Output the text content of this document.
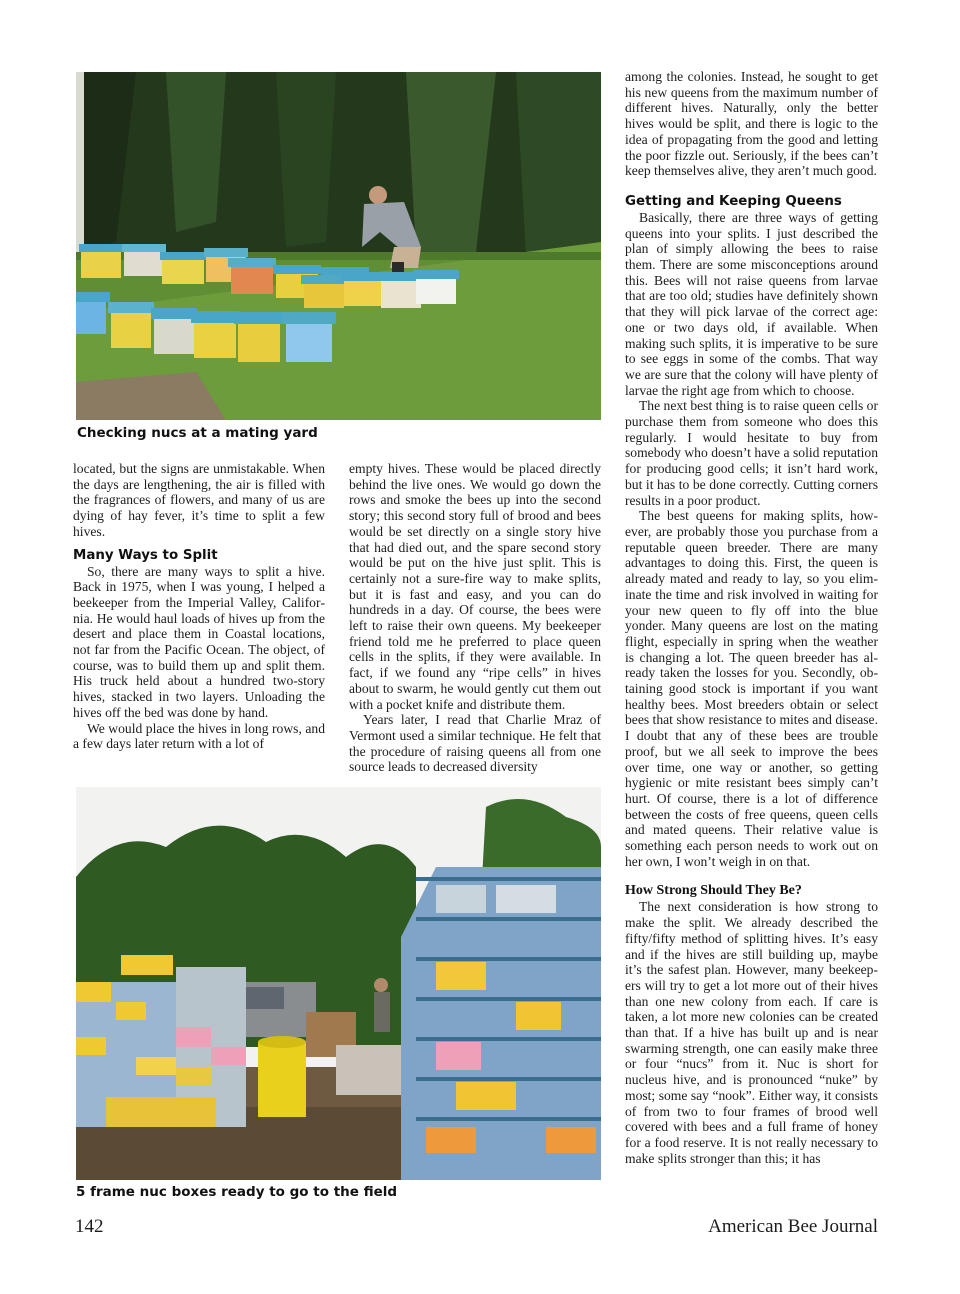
Checking nucs at a mating yard

located, but the signs are unmistakable. When the days are lengthening, the air is filled with the fragrances of flowers, and many of us are dying of hay fever, it’s time to split a few hives.

Many Ways to Split

So, there are many ways to split a hive. Back in 1975, when I was young, I helped a beekeeper from the Imperial Valley, California. He would haul loads of hives up from the desert and place them in Coastal locations, not far from the Pacific Ocean. The object, of course, was to build them up and split them. His truck held about a hundred two-story hives, stacked in two layers. Unloading the hives off the bed was done by hand.

We would place the hives in long rows, and a few days later return with a lot of

empty hives. These would be placed directly behind the live ones. We would go down the rows and smoke the bees up into the second story; this second story full of brood and bees would be set directly on a single story hive that had died out, and the spare second story would be put on the hive just split. This is certainly not a sure-fire way to make splits, but it is fast and easy, and you can do hundreds in a day. Of course, the bees were left to raise their own queens. My beekeeper friend told me he preferred to place queen cells in the splits, if they were available. In fact, if we found any “ripe cells” in hives about to swarm, he would gently cut them out with a pocket knife and distribute them.

Years later, I read that Charlie Mraz of Vermont used a similar technique. He felt that the procedure of raising queens all from one source leads to decreased diversity

5 frame nuc boxes ready to go to the field

among the colonies. Instead, he sought to get his new queens from the maximum number of different hives. Naturally, only the better hives would be split, and there is logic to the idea of propagating from the good and letting the poor fizzle out. Seriously, if the bees can’t keep themselves alive, they aren’t much good.

Getting and Keeping Queens

Basically, there are three ways of getting queens into your splits. I just described the plan of simply allowing the bees to raise them. There are some misconceptions around this. Bees will not raise queens from larvae that are too old; studies have definitely shown that they will pick larvae of the correct age: one or two days old, if available. When making such splits, it is imperative to be sure to see eggs in some of the combs. That way we are sure that the colony will have plenty of larvae the right age from which to choose.

The next best thing is to raise queen cells or purchase them from someone who does this regularly. I would hesitate to buy from somebody who doesn’t have a solid reputation for producing good cells; it isn’t hard work, but it has to be done correctly. Cutting corners results in a poor product.

The best queens for making splits, however, are probably those you purchase from a reputable queen breeder. There are many advantages to doing this. First, the queen is already mated and ready to lay, so you eliminate the time and risk involved in waiting for your new queen to fly off into the blue yonder. Many queens are lost on the mating flight, especially in spring when the weather is changing a lot. The queen breeder has already taken the losses for you. Secondly, obtaining good stock is important if you want healthy bees. Most breeders obtain or select bees that show resistance to mites and disease. I doubt that any of these bees are trouble proof, but we all seek to improve the bees over time, one way or another, so getting hygienic or mite resistant bees simply can’t hurt. Of course, there is a lot of difference between the costs of free queens, queen cells and mated queens. Their relative value is something each person needs to work out on her own, I won’t weigh in on that.

How Strong Should They Be?

The next consideration is how strong to make the split. We already described the fifty/fifty method of splitting hives. It’s easy and if the hives are still building up, maybe it’s the safest plan. However, many beekeepers will try to get a lot more out of their hives than one new colony from each. If care is taken, a lot more new colonies can be created than that. If a hive has built up and is near swarming strength, one can easily make three or four “nucs” from it. Nuc is short for nucleus hive, and is pronounced “nuke” by most; some say “nook”. Either way, it consists of from two to four frames of brood well covered with bees and a full frame of honey for a food reserve. It is not really necessary to make splits stronger than this; it has

142	American Bee Journal
